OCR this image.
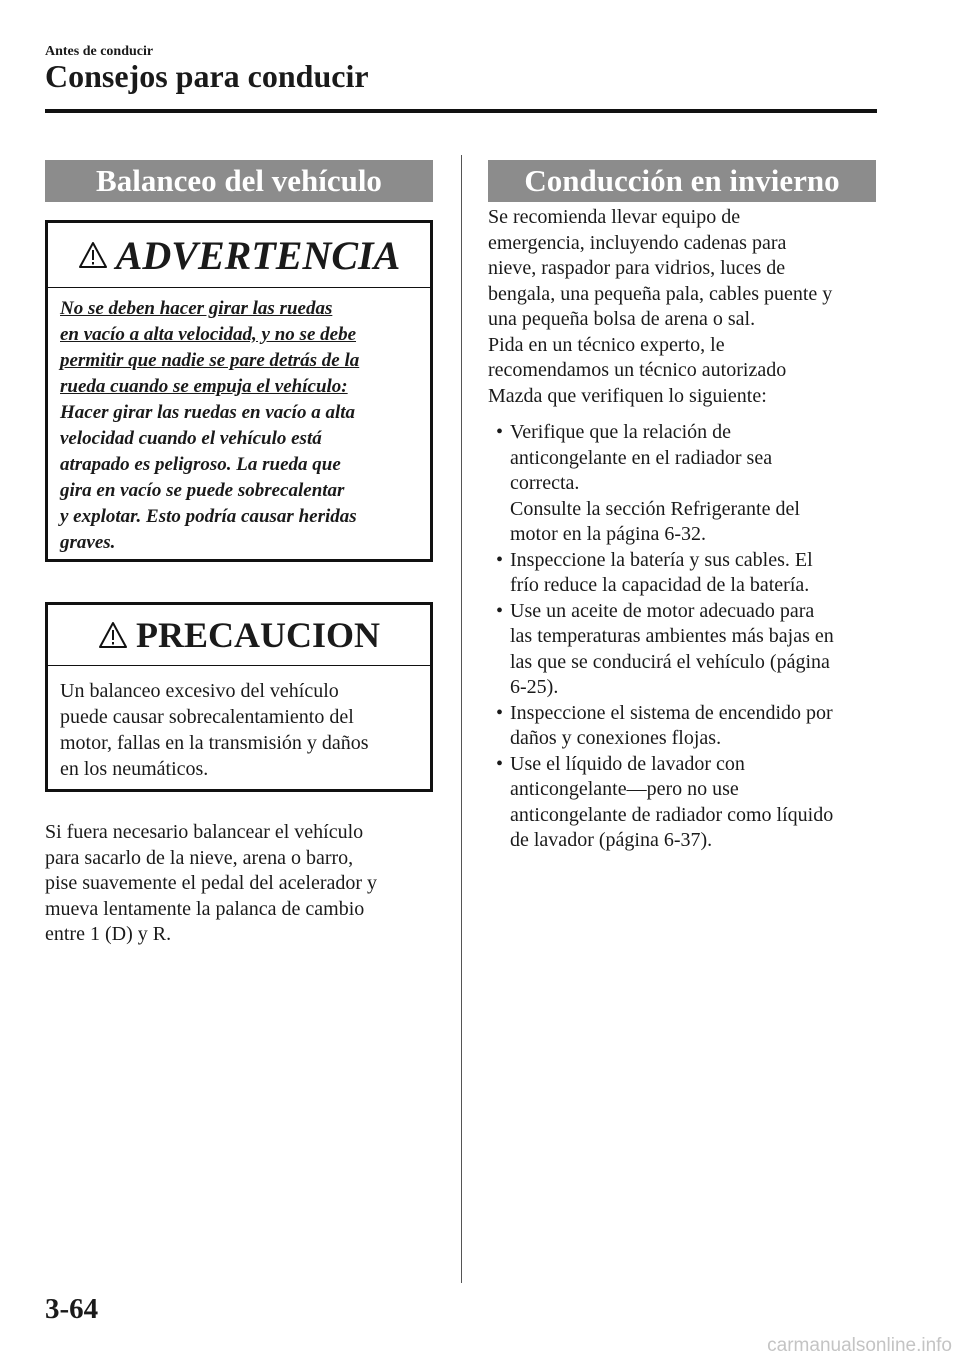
Antes de conducir
Consejos para conducir
Balanceo del vehículo
ADVERTENCIA
No se deben hacer girar las ruedas
en vacío a alta velocidad, y no se debe
permitir que nadie se pare detrás de la
rueda cuando se empuja el vehículo:
Hacer girar las ruedas en vacío a alta
velocidad cuando el vehículo está
atrapado es peligroso. La rueda que
gira en vacío se puede sobrecalentar
y explotar. Esto podría causar heridas
graves.
PRECAUCION
Un balanceo excesivo del vehículo
puede causar sobrecalentamiento del
motor, fallas en la transmisión y daños
en los neumáticos.
Si fuera necesario balancear el vehículo
para sacarlo de la nieve, arena o barro,
pise suavemente el pedal del acelerador y
mueva lentamente la palanca de cambio
entre 1 (D) y R.
Conducción en invierno
Se recomienda llevar equipo de
emergencia, incluyendo cadenas para
nieve, raspador para vidrios, luces de
bengala, una pequeña pala, cables puente y
una pequeña bolsa de arena o sal.
Pida en un técnico experto, le
recomendamos un técnico autorizado
Mazda que verifiquen lo siguiente:
• Verifique que la relación de
anticongelante en el radiador sea
correcta.
Consulte la sección Refrigerante del
motor en la página 6-32.
• Inspeccione la batería y sus cables. El
frío reduce la capacidad de la batería.
• Use un aceite de motor adecuado para
las temperaturas ambientes más bajas en
las que se conducirá el vehículo (página
6-25).
• Inspeccione el sistema de encendido por
daños y conexiones flojas.
• Use el líquido de lavador con
anticongelante—pero no use
anticongelante de radiador como líquido
de lavador (página 6-37).
3-64
carmanualsonline.info
